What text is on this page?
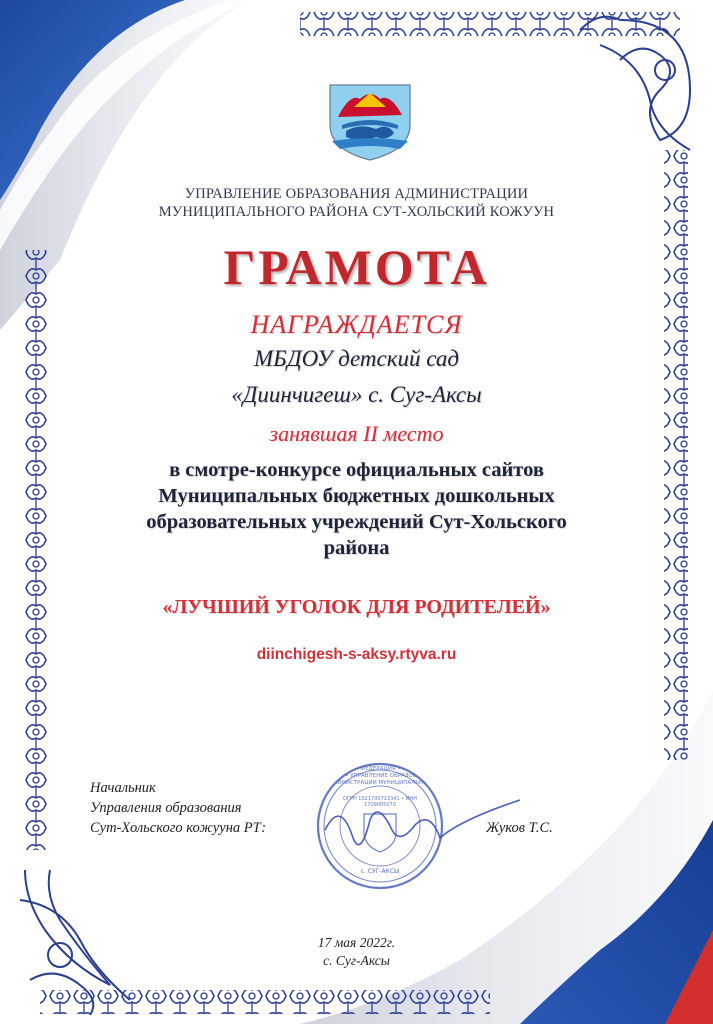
РОССИЙСКАЯ ФЕДЕРАЦИЯ • РЕСПУБЛИКА ТЫВА • УПРАВЛЕНИЕ ОБРАЗОВАНИЯ АДМИНИСТРАЦИИ МУНИЦИПАЛЬНОГО
ОГРН 1021700713341 • ИНН 1709005070
с. СУГ-АКСЫ
УПРАВЛЕНИЕ ОБРАЗОВАНИЯ АДМИНИСТРАЦИИ
МУНИЦИПАЛЬНОГО РАЙОНА СУТ-ХОЛЬСКИЙ КОЖУУН
ГРАМОТА
НАГРАЖДАЕТСЯ
МБДОУ детский сад
«Диинчигеш» с. Суг-Аксы
занявшая II место
в смотре-конкурсе официальных сайтов
Муниципальных бюджетных дошкольных
образовательных учреждений Сут-Хольского
района
«ЛУЧШИЙ УГОЛОК ДЛЯ РОДИТЕЛЕЙ»
diinchigesh-s-aksy.rtyva.ru
Начальник
Управления образования
Сут-Хольского кожууна РТ:	Жуков Т.С.
17 мая 2022г.
с. Суг-Аксы
